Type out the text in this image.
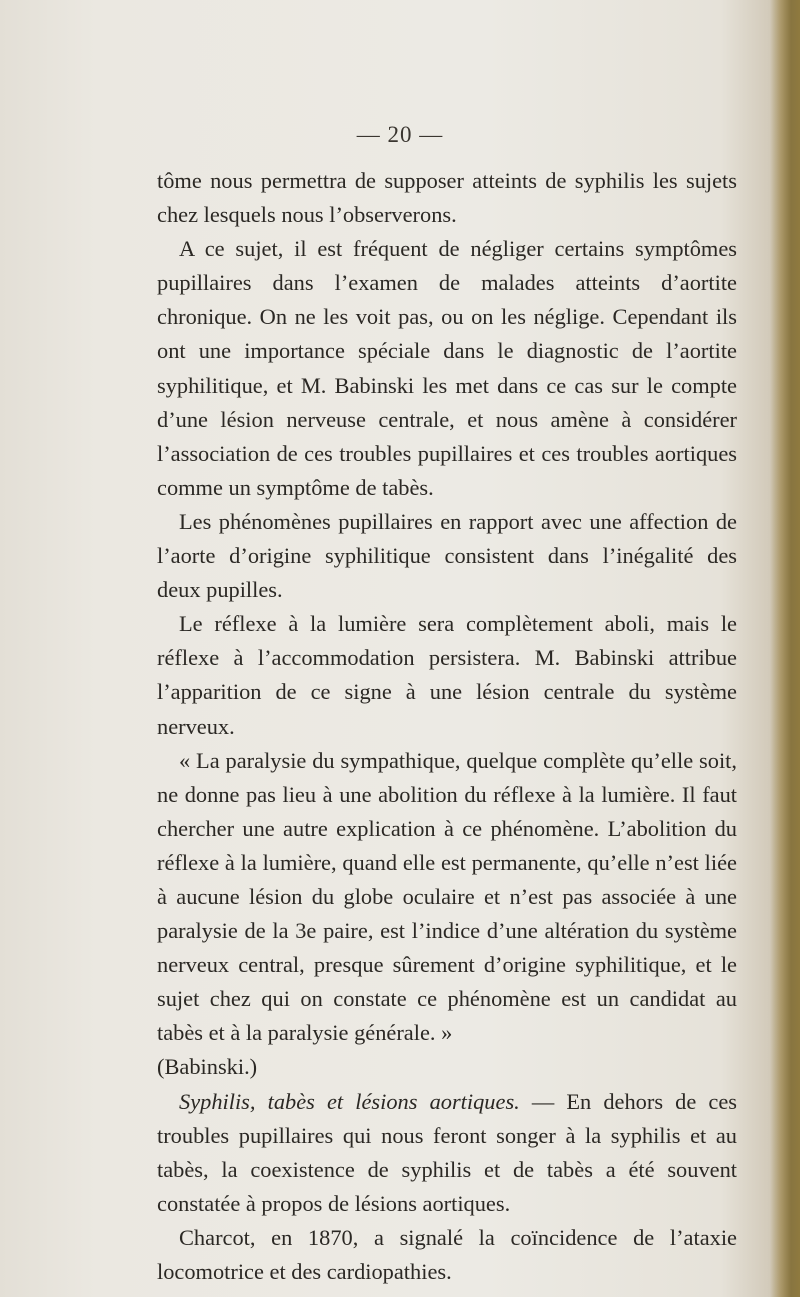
— 20 —

tôme nous permettra de supposer atteints de syphilis les sujets chez lesquels nous l’observerons.

A ce sujet, il est fréquent de négliger certains symptômes pupillaires dans l’examen de malades atteints d’aortite chronique. On ne les voit pas, ou on les néglige. Cependant ils ont une importance spéciale dans le diagnostic de l’aortite syphilitique, et M. Babinski les met dans ce cas sur le compte d’une lésion nerveuse centrale, et nous amène à considérer l’association de ces troubles pupillaires et ces troubles aortiques comme un symptôme de tabès.

Les phénomènes pupillaires en rapport avec une affection de l’aorte d’origine syphilitique consistent dans l’inégalité des deux pupilles.

Le réflexe à la lumière sera complètement aboli, mais le réflexe à l’accommodation persistera. M. Babinski attribue l’apparition de ce signe à une lésion centrale du système nerveux.

« La paralysie du sympathique, quelque complète qu’elle soit, ne donne pas lieu à une abolition du réflexe à la lumière. Il faut chercher une autre explication à ce phénomène. L’abolition du réflexe à la lumière, quand elle est permanente, qu’elle n’est liée à aucune lésion du globe oculaire et n’est pas associée à une paralysie de la 3e paire, est l’indice d’une altération du système nerveux central, presque sûrement d’origine syphilitique, et le sujet chez qui on constate ce phénomène est un candidat au tabès et à la paralysie générale. »

(Babinski.)

Syphilis, tabès et lésions aortiques. — En dehors de ces troubles pupillaires qui nous feront songer à la syphilis et au tabès, la coexistence de syphilis et de tabès a été souvent constatée à propos de lésions aortiques.

Charcot, en 1870, a signalé la coïncidence de l’ataxie locomotrice et des cardiopathies.
